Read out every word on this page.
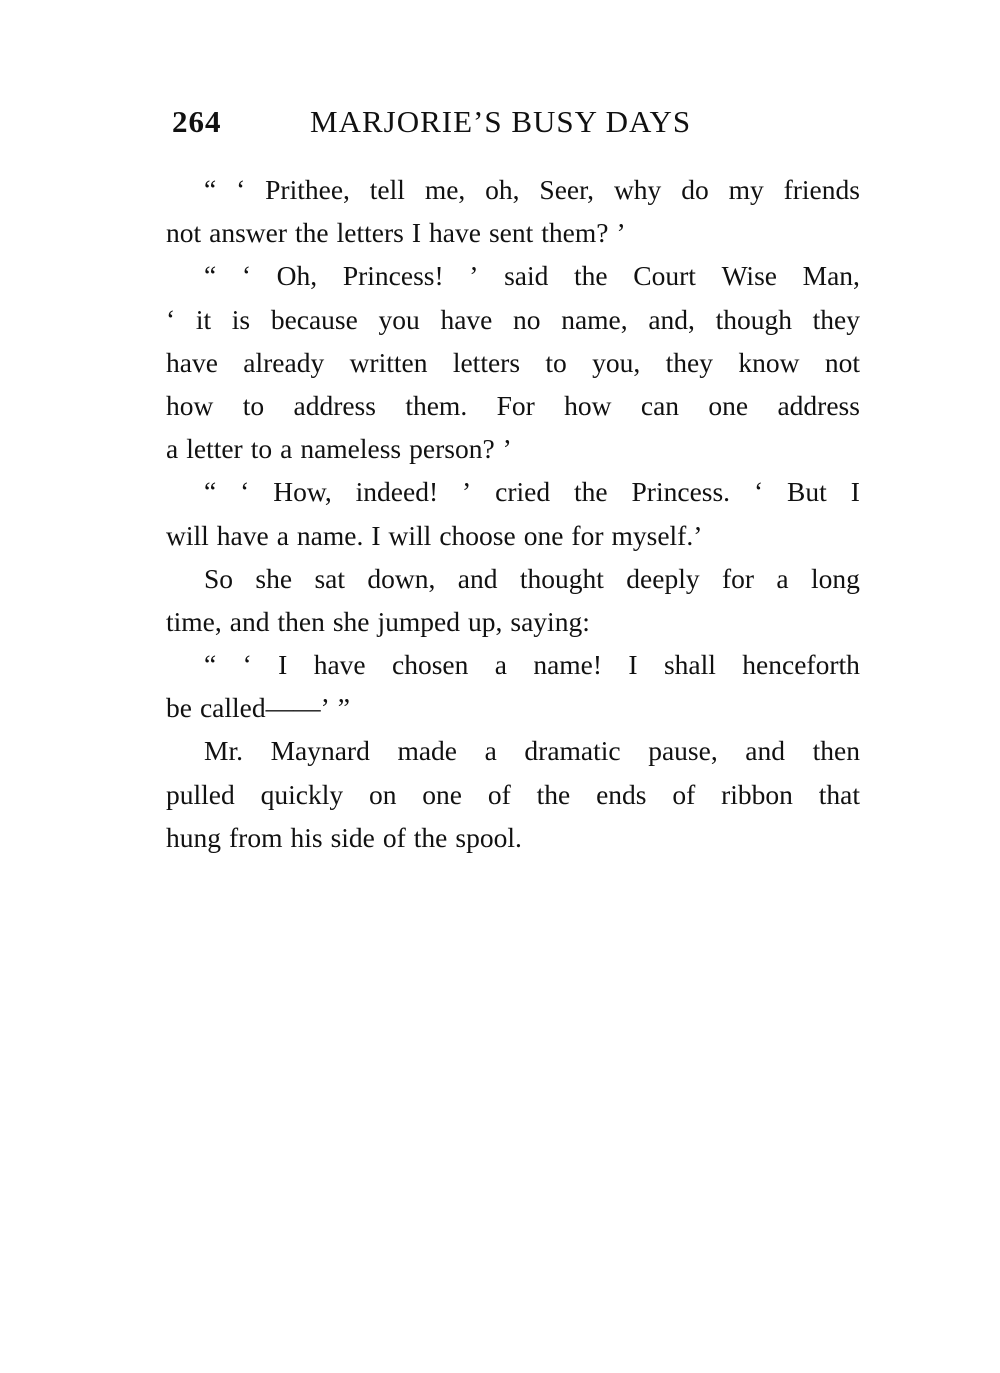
264	MARJORIE’S BUSY DAYS
“ ‘ Prithee, tell me, oh, Seer, why do my friends
not answer the letters I have sent them? ’
“ ‘ Oh, Princess! ’ said the Court Wise Man,
‘ it is because you have no name, and, though they
have already written letters to you, they know not
how to address them. For how can one address
a letter to a nameless person? ’
“ ‘ How, indeed! ’ cried the Princess. ‘ But I
will have a name. I will choose one for myself.’
So she sat down, and thought deeply for a long
time, and then she jumped up, saying:
“ ‘ I have chosen a name! I shall henceforth
be called——’ ”
Mr. Maynard made a dramatic pause, and then
pulled quickly on one of the ends of ribbon that
hung from his side of the spool.
